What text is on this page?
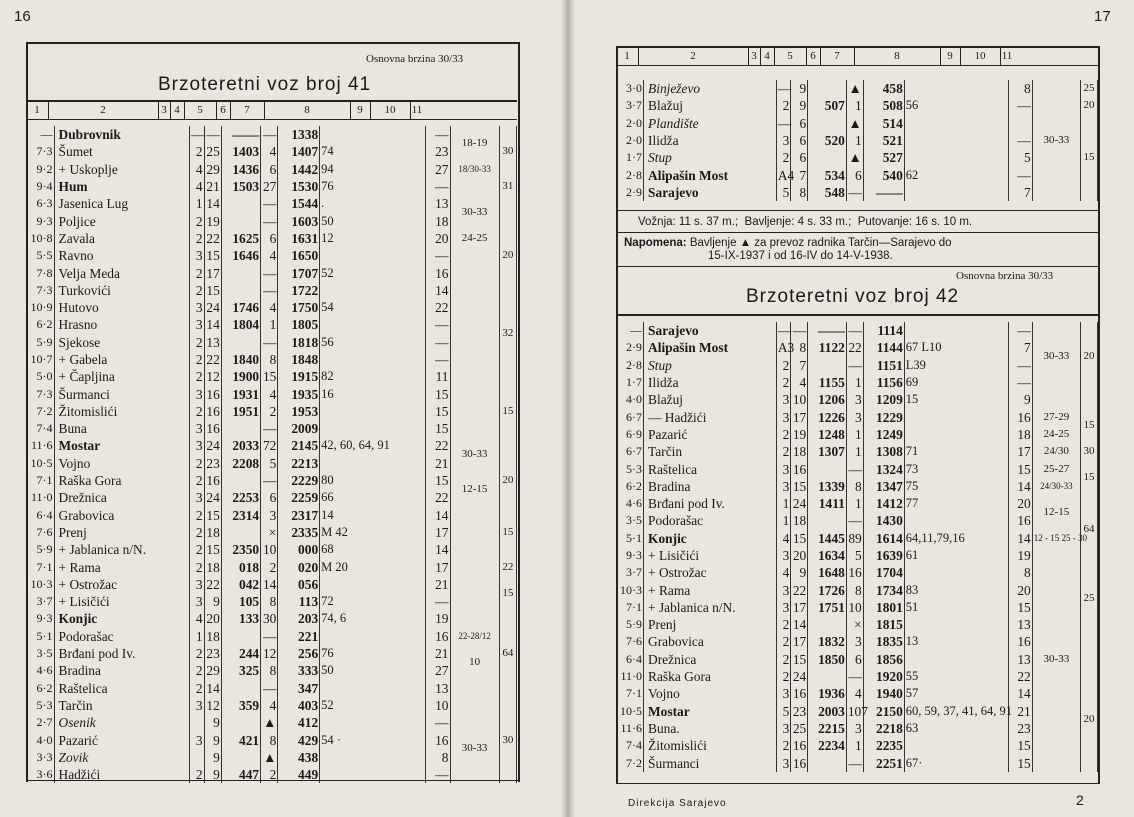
16
Osnovna brzina 30/33
Brzoteretni voz broj 41
1	2	3 4	5	6	7	8	9	10	11
—	Dubrovnik	—	—	——	—	1338		—	18-19	30
7·3	Šumet	2	25	1403	4	1407	74	23		
9·2	+ Uskoplje	4	29	1436	6	1442	94	27	18/30-33	
9·4	Hum	4	21	1503	27	1530	76	—		31
6·3	Jasenica Lug	1	14		—	1544	.	13	30-33	
9·3	Poljice	2	19		—	1603	50	18		20
10·8	Zavala	2	22	1625	6	1631	12	20	24-25	
5·5	Ravno	3	15	1646	4	1650		—		
7·8	Velja Meda	2	17		—	1707	52	16		
7·3	Turkovići	2	15		—	1722		14		
10·9	Hutovo	3	24	1746	4	1750	54	22		32
6·2	Hrasno	3	14	1804	1	1805		—		
5·9	Sjekose	2	13		—	1818	56	—		
10·7	+ Gabela	2	22	1840	8	1848		—		
5·0	+ Čapljina	2	12	1900	15	1915	82	11		
7·3	Šurmanci	3	16	1931	4	1935	16	15		15
7·2	Žitomislići	2	16	1951	2	1953		15		
7·4	Buna	3	16		—	2009		15		
11·6	Mostar	3	24	2033	72	2145	42, 60, 64, 91	22	30-33	
10·5	Vojno	2	23	2208	5	2213		21		20
7·1	Raška Gora	2	16		—	2229	80	15	12-15	
11·0	Drežnica	3	24	2253	6	2259	66	22		
6·4	Grabovica	2	15	2314	3	2317	14	14		15
7·6	Prenj	2	18		×	2335	M 42	17		
5·9	+ Jablanica n/N.	2	15	2350	10	000	68	14		
7·1	+ Rama	2	18	018	2	020	M 20	17		22
10·3	+ Ostrožac	3	22	042	14	056		21		15
3·7	+ Lisičići	3	9	105	8	113	72	—		
9·3	Konjic	4	20	133	30	203	74, 6	19		
5·1	Podorašac	1	18		—	221		16	22-28/12	64
3·5	Brđani pod Iv.	2	23	244	12	256	76	21	10	
4·6	Bradina	2	29	325	8	333	50	27		
6·2	Raštelica	2	14		—	347		13		
5·3	Tarčin	3	12	359	4	403	52	10		
2·7	Osenik		9		▲	412		—		30
4·0	Pazarić	3	9	421	8	429	54 ·	16	30-33	
3·3	Zovik		9		▲	438		8		
3·6	Hadžići	2	9	447	2	449		—		
17
1	2	3 4	5	6	7	8	9	10	11
3·0	Binježevo	—	9		▲	458		8		25
3·7	Blažuj	2	9	507	1	508	56	—		20
2·0	Plandište	—	6		▲	514			30-33	
2·0	Ilidža	3	6	520	1	521		—		15
1·7	Stup	2	6		▲	527		5		
2·8	Alipašin Most	A4	7	534	6	540	62	—		
2·9	Sarajevo	5	8	548	—	——		7		
Vožnja: 11 s. 37 m.; Bavljenje: 4 s. 33 m.; Putovanje: 16 s. 10 m.
Napomena: Bavljenje ▲ za prevoz radnika Tarčin—Sarajevo do
15-IX-1937 i od 16-IV do 14-V-1938.
Osnovna brzina 30/33
Brzoteretni voz broj 42
—	Sarajevo	—	—	——	—	1114		—		
2·9	Alipašin Most	A3	8	1122	22	1144	67 L10	7	30-33	20
2·8	Stup	2	7		—	1151	L39	—		
1·7	Ilidža	2	4	1155	1	1156	69	—		
4·0	Blažuj	3	10	1206	3	1209	15	9		
6·7	— Hadžići	3	17	1226	3	1229		16	27-29	15
6·9	Pazarić	2	19	1248	1	1249		18	24-25	
6·7	Tarčin	2	18	1307	1	1308	71	17	24/30	30
5·3	Raštelica	3	16		—	1324	73	15	25-27	15
6·2	Bradina	3	15	1339	8	1347	75	14	24/30-33	
4·6	Brđani pod Iv.	1	24	1411	1	1412	77	20	12-15	
3·5	Podorašac	1	18		—	1430		16		64
5·1	Konjic	4	15	1445	89	1614	64,11,79,16	14	12 - 15 25 - 30	
9·3	+ Lisičići	3	20	1634	5	1639	61	19		
3·7	+ Ostrožac	4	9	1648	16	1704		8		
10·3	+ Rama	3	22	1726	8	1734	83	20		25
7·1	+ Jablanica n/N.	3	17	1751	10	1801	51	15		
5·9	Prenj	2	14		×	1815		13		
7·6	Grabovica	2	17	1832	3	1835	13	16	30-33	
6·4	Drežnica	2	15	1850	6	1856		13		
11·0	Raška Gora	2	24		—	1920	55	22		
7·1	Vojno	3	16	1936	4	1940	57	14		
10·5	Mostar	5	23	2003	107	2150	60, 59, 37, 41, 64, 91	21		20
11·6	Buna.	3	25	2215	3	2218	63	23		
7·4	Žitomislići	2	16	2234	1	2235		15		
7·2	Šurmanci	3	16		—	2251	67·	15		
Direkcija Sarajevo	2
